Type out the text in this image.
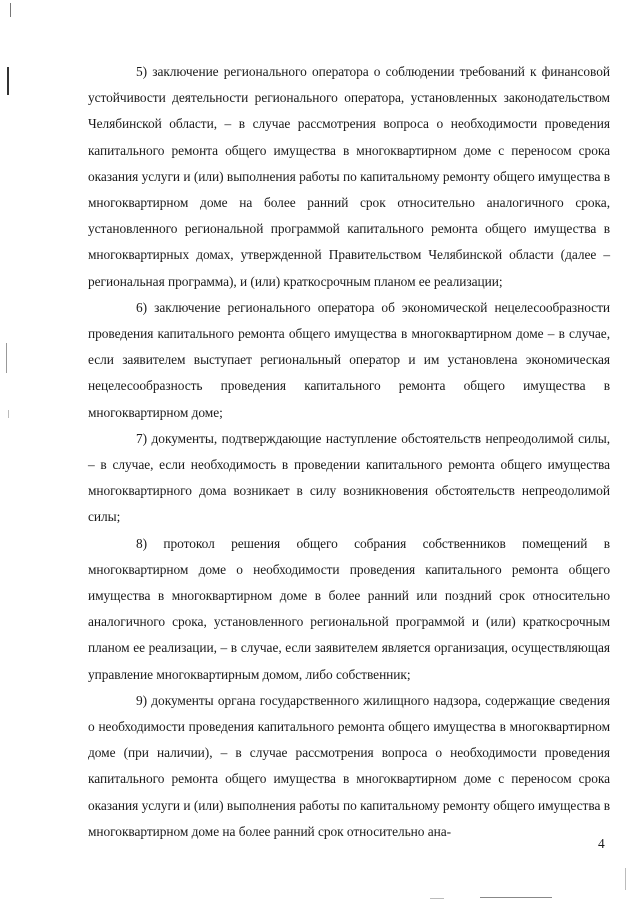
5) заключение регионального оператора о соблюдении требований к финансовой устойчивости деятельности регионального оператора, установленных законодательством Челябинской области, – в случае рассмотрения вопроса о необходимости проведения капитального ремонта общего имущества в многоквартирном доме с переносом срока оказания услуги и (или) выполнения работы по капитальному ремонту общего имущества в многоквартирном доме на более ранний срок относительно аналогичного срока, установленного региональной программой капитального ремонта общего имущества в многоквартирных домах, утвержденной Правительством Челябинской области (далее – региональная программа), и (или) краткосрочным планом ее реализации;

6) заключение регионального оператора об экономической нецелесообразности проведения капитального ремонта общего имущества в многоквартирном доме – в случае, если заявителем выступает региональный оператор и им установлена экономическая нецелесообразность проведения капитального ремонта общего имущества в многоквартирном доме;

7) документы, подтверждающие наступление обстоятельств непреодолимой силы, – в случае, если необходимость в проведении капитального ремонта общего имущества многоквартирного дома возникает в силу возникновения обстоятельств непреодолимой силы;

8) протокол решения общего собрания собственников помещений в многоквартирном доме о необходимости проведения капитального ремонта общего имущества в многоквартирном доме в более ранний или поздний срок относительно аналогичного срока, установленного региональной программой и (или) краткосрочным планом ее реализации, – в случае, если заявителем является организация, осуществляющая управление многоквартирным домом, либо собственник;

9) документы органа государственного жилищного надзора, содержащие сведения о необходимости проведения капитального ремонта общего имущества в многоквартирном доме (при наличии), – в случае рассмотрения вопроса о необходимости проведения капитального ремонта общего имущества в многоквартирном доме с переносом срока оказания услуги и (или) выполнения работы по капитальному ремонту общего имущества в многоквартирном доме на более ранний срок относительно ана-

4
